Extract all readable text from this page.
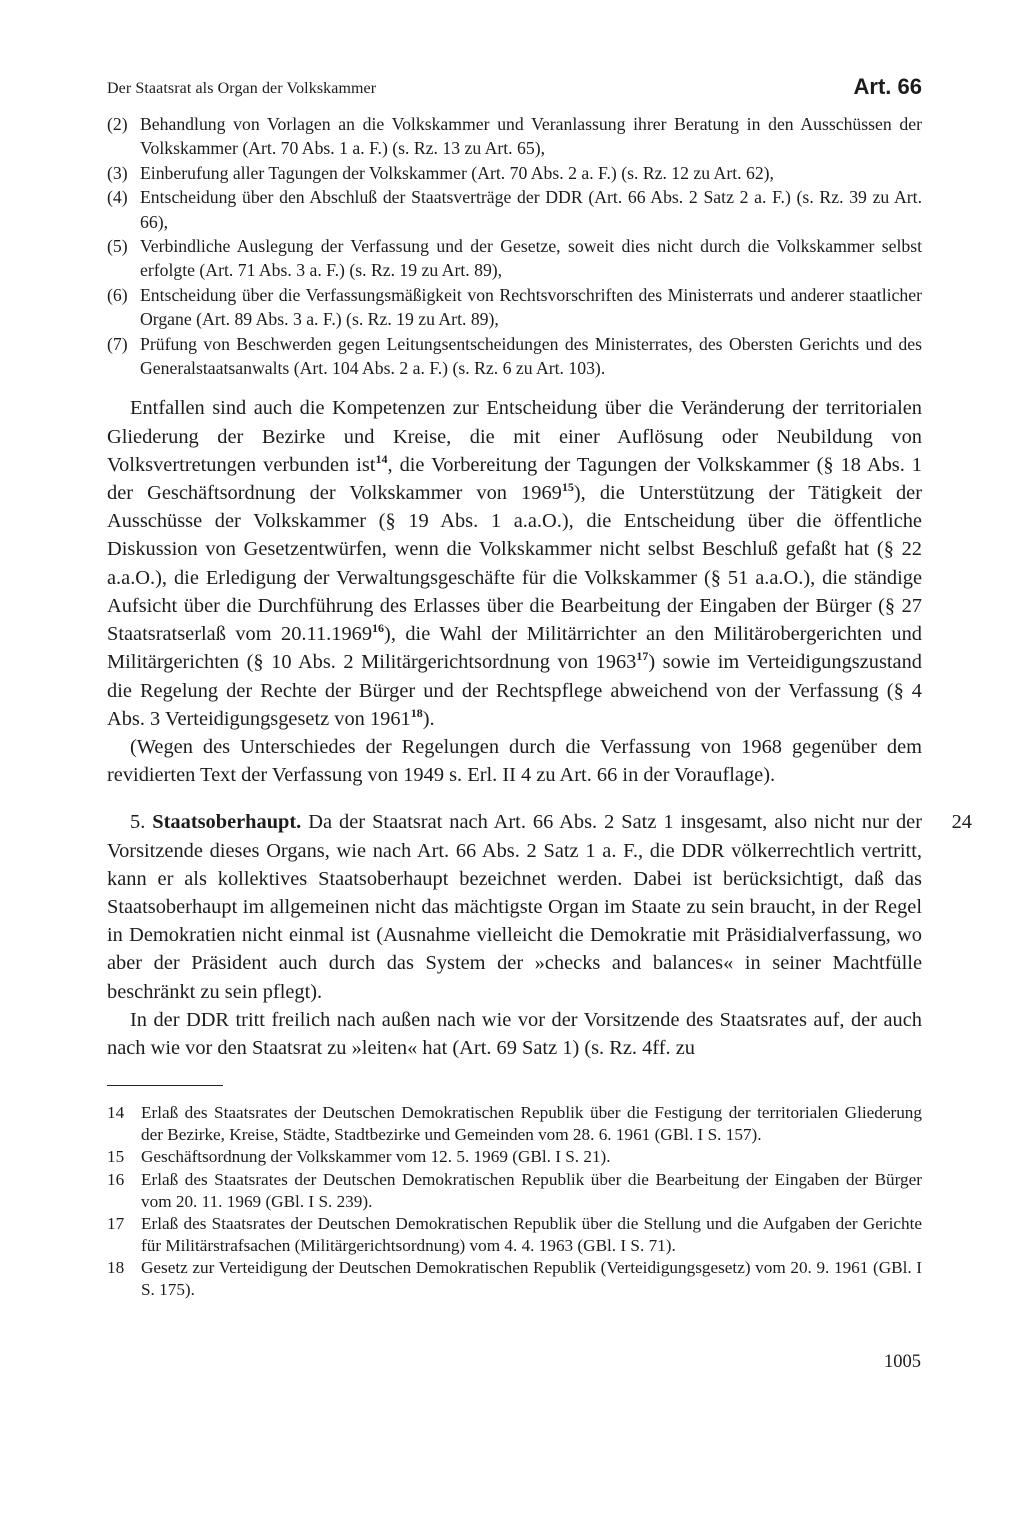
Der Staatsrat als Organ der Volkskammer	Art. 66
(2) Behandlung von Vorlagen an die Volkskammer und Veranlassung ihrer Beratung in den Ausschüssen der Volkskammer (Art. 70 Abs. 1 a. F.) (s. Rz. 13 zu Art. 65),
(3) Einberufung aller Tagungen der Volkskammer (Art. 70 Abs. 2 a. F.) (s. Rz. 12 zu Art. 62),
(4) Entscheidung über den Abschluß der Staatsverträge der DDR (Art. 66 Abs. 2 Satz 2 a. F.) (s. Rz. 39 zu Art. 66),
(5) Verbindliche Auslegung der Verfassung und der Gesetze, soweit dies nicht durch die Volkskammer selbst erfolgte (Art. 71 Abs. 3 a. F.) (s. Rz. 19 zu Art. 89),
(6) Entscheidung über die Verfassungsmäßigkeit von Rechtsvorschriften des Ministerrats und anderer staatlicher Organe (Art. 89 Abs. 3 a. F.) (s. Rz. 19 zu Art. 89),
(7) Prüfung von Beschwerden gegen Leitungsentscheidungen des Ministerrates, des Obersten Gerichts und des Generalstaatsanwalts (Art. 104 Abs. 2 a. F.) (s. Rz. 6 zu Art. 103).

Entfallen sind auch die Kompetenzen zur Entscheidung über die Veränderung der territorialen Gliederung der Bezirke und Kreise, die mit einer Auflösung oder Neubildung von Volksvertretungen verbunden ist$^{14}$, die Vorbereitung der Tagungen der Volkskammer (§ 18 Abs. 1 der Geschäftsordnung der Volkskammer von 1969$^{15}$), die Unterstützung der Tätigkeit der Ausschüsse der Volkskammer (§ 19 Abs. 1 a.a.O.), die Entscheidung über die öffentliche Diskussion von Gesetzentwürfen, wenn die Volkskammer nicht selbst Beschluß gefaßt hat (§ 22 a.a.O.), die Erledigung der Verwaltungsgeschäfte für die Volkskammer (§ 51 a.a.O.), die ständige Aufsicht über die Durchführung des Erlasses über die Bearbeitung der Eingaben der Bürger (§ 27 Staatsratserlaß vom 20.11.1969$^{16}$), die Wahl der Militärrichter an den Militärobergerichten und Militärgerichten (§ 10 Abs. 2 Militärgerichtsordnung von 1963$^{17}$) sowie im Verteidigungszustand die Regelung der Rechte der Bürger und der Rechtspflege abweichend von der Verfassung (§ 4 Abs. 3 Verteidigungsgesetz von 1961$^{18}$).

(Wegen des Unterschiedes der Regelungen durch die Verfassung von 1968 gegenüber dem revidierten Text der Verfassung von 1949 s. Erl. II 4 zu Art. 66 in der Vorauflage).

24

5. Staatsoberhaupt. Da der Staatsrat nach Art. 66 Abs. 2 Satz 1 insgesamt, also nicht nur der Vorsitzende dieses Organs, wie nach Art. 66 Abs. 2 Satz 1 a. F., die DDR völkerrechtlich vertritt, kann er als kollektives Staatsoberhaupt bezeichnet werden. Dabei ist berücksichtigt, daß das Staatsoberhaupt im allgemeinen nicht das mächtigste Organ im Staate zu sein braucht, in der Regel in Demokratien nicht einmal ist (Ausnahme vielleicht die Demokratie mit Präsidialverfassung, wo aber der Präsident auch durch das System der »checks and balances« in seiner Machtfülle beschränkt zu sein pflegt).

In der DDR tritt freilich nach außen nach wie vor der Vorsitzende des Staatsrates auf, der auch nach wie vor den Staatsrat zu »leiten« hat (Art. 69 Satz 1) (s. Rz. 4ff. zu

14 Erlaß des Staatsrates der Deutschen Demokratischen Republik über die Festigung der territorialen Gliederung der Bezirke, Kreise, Städte, Stadtbezirke und Gemeinden vom 28. 6. 1961 (GBl. I S. 157).
15 Geschäftsordnung der Volkskammer vom 12. 5. 1969 (GBl. I S. 21).
16 Erlaß des Staatsrates der Deutschen Demokratischen Republik über die Bearbeitung der Eingaben der Bürger vom 20. 11. 1969 (GBl. I S. 239).
17 Erlaß des Staatsrates der Deutschen Demokratischen Republik über die Stellung und die Aufgaben der Gerichte für Militärstrafsachen (Militärgerichtsordnung) vom 4. 4. 1963 (GBl. I S. 71).
18 Gesetz zur Verteidigung der Deutschen Demokratischen Republik (Verteidigungsgesetz) vom 20. 9. 1961 (GBl. I S. 175).
1005
